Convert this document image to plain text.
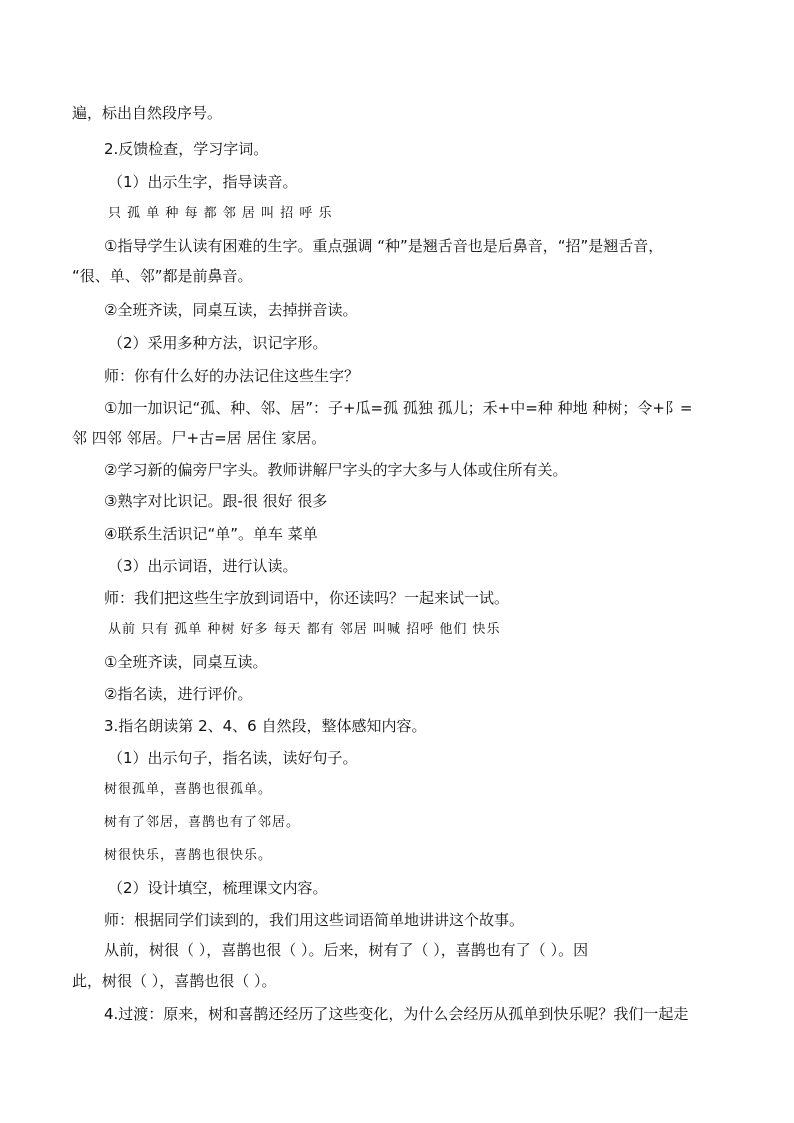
遍，标出自然段序号。
2.反馈检查，学习字词。
（1）出示生字，指导读音。
只 孤 单 种 每 都 邻 居 叫 招 呼 乐
①指导学生认读有困难的生字。重点强调 “种”是翘舌音也是后鼻音，“招”是翘舌音，
“很、单、邻”都是前鼻音。
②全班齐读，同桌互读，去掉拼音读。
（2）采用多种方法，识记字形。
师：你有什么好的办法记住这些生字？
①加一加识记“孤、种、邻、居”：子+瓜=孤 孤独 孤儿；禾+中=种 种地 种树；令+阝=
邻 四邻 邻居。尸+古=居 居住 家居。
②学习新的偏旁尸字头。教师讲解尸字头的字大多与人体或住所有关。
③熟字对比识记。跟-很 很好 很多
④联系生活识记“单”。单车 菜单
（3）出示词语，进行认读。
师：我们把这些生字放到词语中，你还读吗？一起来试一试。
从前 只有 孤单 种树 好多 每天 都有 邻居 叫喊 招呼 他们 快乐
①全班齐读，同桌互读。
②指名读，进行评价。
3.指名朗读第 2、4、6 自然段，整体感知内容。
（1）出示句子，指名读，读好句子。
树很孤单，喜鹊也很孤单。
树有了邻居，喜鹊也有了邻居。
树很快乐，喜鹊也很快乐。
（2）设计填空，梳理课文内容。
师：根据同学们读到的，我们用这些词语简单地讲讲这个故事。
从前，树很（ ），喜鹊也很（ ）。后来，树有了（ ），喜鹊也有了（ ）。因
此，树很（ ），喜鹊也很（ ）。
4.过渡：原来，树和喜鹊还经历了这些变化，为什么会经历从孤单到快乐呢？我们一起走
